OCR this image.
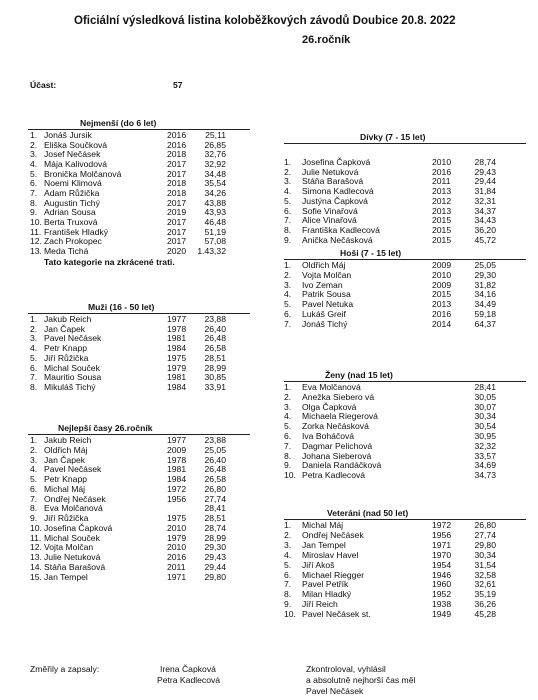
Oficiální výsledková listina koloběžkových závodů Doubice 20.8. 2022
26.ročník
Účast:	57
Nejmenší (do 6 let)
1. Jonáš Jursik	2016 25,11
2. Eliška Součková	2016 26,85
3. Josef Nečásek	2018 32,76
4. Mája Kalivodová	2017 32,92
5. Bronička Molčanová	2017 34,48
6. Noemi Klimová	2018 35,54
7. Adam Růžička	2018 34,26
8. Augustin Tichý	2017 43,88
9. Adrian Sousa	2019 43,93
10. Berta Truxová	2017 46,48
11. František Hladký	2017 51,19
12. Zach Prokopec	2017 57,08
13. Meda Tichá	2020 1.43,32
Tato kategorie na zkrácené trati.
Muži (16 - 50 let)
1. Jakub Reich	1977 23,88
2. Jan Čapek	1978 26,40
3. Pavel Nečásek	1981 26,48
4. Petr Knapp	1984 26,58
5. Jiří Růžička	1975 28,51
6. Michal Souček	1979 28,99
7. Mauritio Sousa	1981 30,85
8. Mikuláš Tichý	1984 33,91
Nejlepší časy 26.ročník
1. Jakub Reich	1977 23,88
2. Oldřich Máj	2009 25,05
3. Jan Čapek	1978 26,40
4. Pavel Nečásek	1981 26,48
5. Petr Knapp	1984 26,58
6. Michal Máj	1972 26,80
7. Ondřej Nečásek	1956 27,74
8. Eva Molčanová	28,41
9. Jiří Růžička	1975 28,51
10. Josefina Čapková	2010 28,74
11. Michal Souček	1979 28,99
12. Vojta Molčan	2010 29,30
13. Julie Netuková	2016 29,43
14. Stáňa Barašová	2011 29,44
15. Jan Tempel	1971 29,80
Dívky (7 - 15 let)
1. Josefina Čapková	2010	28,74
2. Julie Netuková	2016	29,43
3. Stáňa Barašová	2011	29,44
4. Simona Kadlecová	2013	31,84
5. Justýna Čapková	2012	32,31
6. Sofie Vinařová	2013	34,37
7. Alice Vinařová	2015	34,43
8. Františka Kadlecová	2015	36,20
9. Anička Nečásková	2015	45,72
Hoši (7 - 15 let)
1. Oldřich Máj	2009	25,05
2. Vojta Molčan	2010	29,30
3. Ivo Zeman	2009	31,82
4. Patrik Sousa	2015	34,16
5. Pavel Netuka	2013	34,49
6. Lukáš Greif	2016	59,18
7. Jonáš Tichý	2014	64,37
Ženy (nad 15 let)
1. Eva Molčanová	28,41
2. Anežka Siebero vá	30,05
3. Olga Čapková	30,07
4. Michaela Riegerová	30,34
5. Zorka Nečásková	30,54
6. Iva Boháčová	30,95
7. Dagmar Pelichová	32,32
8. Johana Sieberová	33,57
9. Daniela Randáčková	34,69
10. Petra Kadlecová	34,73
Veteráni (nad 50 let)
1. Michal Máj	1972	26,80
2. Ondřej Nečásek	1956	27,74
3. Jan Tempel	1971	29,80
4. Miroslav Havel	1970	30,34
5. Jiří Akoš	1954	31,54
6. Michael Riegger	1946	32,58
7. Pavel Petřík	1960	32,61
8. Milan Hladký	1952	35,19
9. Jiří Reich	1938	36,26
10. Pavel Nečásek st.	1949	45,28
Změřily a zapsaly:	Irena Čapková
Petra Kadlecová
Zkontroloval, vyhlásil
a absolutně nejhorší čas měl
Pavel Nečásek
